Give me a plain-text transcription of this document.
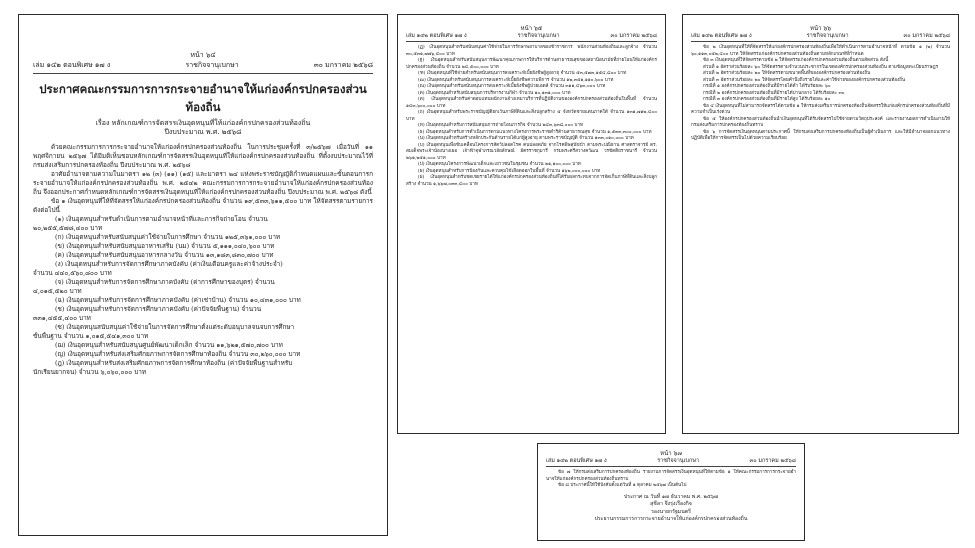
หน้า ๖๔
เล่ม ๑๔๒ ตอนพิเศษ ๑๗ ง	ราชกิจจานุเบกษา	๓๐ มกราคม ๒๕๖๘
ประกาศคณะกรรมการการกระจายอำนาจให้แก่องค์กรปกครองส่วนท้องถิ่น
เรื่อง หลักเกณฑ์การจัดสรรเงินอุดหนุนที่ให้แก่องค์กรปกครองส่วนท้องถิ่น
ปีงบประมาณ พ.ศ. ๒๕๖๘

ด้วยคณะกรรมการการกระจายอำนาจให้แก่องค์กรปกครองส่วนท้องถิ่น ในการประชุมครั้งที่ ๓/๒๕๖๗ เมื่อวันที่ ๑๑ พฤศจิกายน ๒๕๖๗ ได้มีมติเห็นชอบหลักเกณฑ์การจัดสรรเงินอุดหนุนที่ให้แก่องค์กรปกครองส่วนท้องถิ่น ที่ตั้งงบประมาณไว้ที่กรมส่งเสริมการปกครองท้องถิ่น ปีงบประมาณ พ.ศ. ๒๕๖๘

อาศัยอำนาจตามความในมาตรา ๑๒ (๓) (๑๑) (๑๕) และมาตรา ๒๔ แห่งพระราชบัญญัติกำหนดแผนและขั้นตอนการกระจายอำนาจให้แก่องค์กรปกครองส่วนท้องถิ่น พ.ศ. ๒๕๔๒ คณะกรรมการการกระจายอำนาจให้แก่องค์กรปกครองส่วนท้องถิ่น จึงออกประกาศกำหนดหลักเกณฑ์การจัดสรรเงินอุดหนุนที่ให้แก่องค์กรปกครองส่วนท้องถิ่น ปีงบประมาณ พ.ศ. ๒๕๖๘ ดังนี้

ข้อ ๑ เงินอุดหนุนที่ให้ที่จัดสรรให้แก่องค์กรปกครองส่วนท้องถิ่น จำนวน ๑๙,๕๓๓,๖๑๑,๕๐๐ บาท ให้จัดสรรตามรายการ ดังต่อไปนี้

(๑) เงินอุดหนุนสำหรับดำเนินการตามอำนาจหน้าที่และภารกิจถ่ายโอน จำนวน

๒๐,๒๕๕,๕๗๘,๔๐๐ บาท

(ก) เงินอุดหนุนสำหรับสนับสนุนค่าใช้จ่ายในการศึกษา จำนวน ๑๒๕,๓๖๑,๐๐๐ บาท

(ข) เงินอุดหนุนสำหรับสนับสนุนอาหารเสริม (นม) จำนวน ๕,๑๑๑,๐๔๐,๖๐๐ บาท

(ค) เงินอุดหนุนสำหรับสนับสนุนอาหารกลางวัน จำนวน ๑๓,๑๘๓,๘๓๐,๗๐๐ บาท

(ง) เงินอุดหนุนสำหรับการจัดการศึกษาภาคบังคับ (ค่าเงินเดือนครูและค่าจ้างประจำ)

จำนวน ๔๔๐,๕๖๐,๘๐๐ บาท

(จ) เงินอุดหนุนสำหรับการจัดการศึกษาภาคบังคับ (ค่าการศึกษาของบุตร) จำนวน

๔,๐๑๕,๕๒๐ บาท

(ฉ) เงินอุดหนุนสำหรับการจัดการศึกษาภาคบังคับ (ค่าเช่าบ้าน) จำนวน ๑๐,๔๓๑,๐๐๐ บาท

(ช) เงินอุดหนุนสำหรับการจัดการศึกษาภาคบังคับ (ค่าปัจจัยพื้นฐาน) จำนวน

๓๓๑,๔๕๕,๔๐๐ บาท

(ซ) เงินอุดหนุนสนับสนุนค่าใช้จ่ายในการจัดการศึกษาตั้งแต่ระดับอนุบาลจนจบการศึกษา

ขั้นพื้นฐาน จำนวน ๑,๐๑๕,๕๔๑,๓๐๐ บาท

(ฌ) เงินอุดหนุนสำหรับสนับสนุนศูนย์พัฒนาเด็กเล็ก จำนวน ๑๑,๖๒๑,๕๗๐,๗๐๐ บาท

(ญ) เงินอุดหนุนสำหรับส่งเสริมศักยภาพการจัดการศึกษาท้องถิ่น จำนวน ๓๐,๒๖๐,๐๐๐ บาท

(ฎ) เงินอุดหนุนสำหรับส่งเสริมศักยภาพการจัดการศึกษาท้องถิ่น (ค่าปัจจัยพื้นฐานสำหรับ

นักเรียนยากจน) จำนวน ๖,๐๖๐,๐๐๐ บาท

หน้า ๖๕
เล่ม ๑๔๒ ตอนพิเศษ ๑๗ ง	ราชกิจจานุเบกษา	๓๐ มกราคม ๒๕๖๘

(ฏ) เงินอุดหนุนสำหรับสนับสนุนค่าใช้จ่ายในการรักษาพยาบาลของข้าราชการ พนักงานส่วนท้องถิ่นและลูกจ้าง จำนวน ๓๐,๕๓๑,๗๗๖,๔๐๐ บาท

(ฐ) เงินอุดหนุนสำหรับสนับสนุนการพัฒนาคุณภาพการให้บริการด้านสาธารณสุขของสถานีอนามัยที่ถ่ายโอนให้แก่องค์กรปกครองส่วนท้องถิ่น จำนวน ๒๔,๕๐๐,๐๐๐ บาท

(ฑ) เงินอุดหนุนที่ใช้จ่ายสำหรับสนับสนุนการสงเคราะห์เบี้ยยังชีพผู้สูงอายุ จำนวน ๕๓,๕๗๓,๑๕๔,๘๐๐ บาท

(ฒ) เงินอุดหนุนสำหรับสนับสนุนการสงเคราะห์เบี้ยยังชีพความพิการ จำนวน ๑๒,๓๕๑,๑๑๐,๖๐๐ บาท

(ณ) เงินอุดหนุนสำหรับสนับสนุนการสงเคราะห์เบี้ยยังชีพผู้ป่วยเอดส์ จำนวน ๓๑๑,๔๖๓,๐๐๐ บาท

(ด) เงินอุดหนุนสำหรับสนับสนุนการบริหารงานกีฬา จำนวน ๑๐,๑๓๑,๐๐๐ บาท

(ต) เงินอุดหนุนสำหรับค่าตอบแทนพนักงานจ้างเหมาบริการที่ปฏิบัติงานขององค์กรปกครองส่วนท้องถิ่นในพื้นที่ จำนวน ๑๔๓,๖๐๐,๐๐๐ บาท

(ถ) เงินอุดหนุนสำหรับพระราชบัญญัติยกเว้นภาษีที่ดินและสิ่งปลูกสร้าง ๕ จังหวัดชายแดนภาคใต้ จำนวน ๑๓๑,๗๑๒,๔๐๐ บาท

(ท) เงินอุดหนุนสำหรับการสนับสนุนการถ่ายโอนภารกิจ จำนวน ๒๔๓,๖๓๘,๐๐๐ บาท

(ธ) เงินอุดหนุนสำหรับการดำเนินการตามแนวทางโครงการพระราชดำริด้านสาธารณสุข จำนวน ๑,๕๓๓,๓๐๐,๐๐๐ บาท

(น) เงินอุดหนุนสำหรับสร้างหลักประกันด้านรายได้แก่ผู้สูงอายุ ตามพระราชบัญญัติ จำนวน ๑๓๓,๐๑๐,๐๐๐ บาท

(บ) เงินอุดหนุนเพื่อขับเคลื่อนโครงการสัตว์ปลอดโรค คนปลอดภัย จากโรคพิษสุนัขบ้า ตามพระปณิธาน ศาสตราจารย์ ดร. สมเด็จพระเจ้าน้องนางเธอ เจ้าฟ้าจุฬาภรณวลัยลักษณ์ อัครราชกุมารี กรมพระศรีสวางควัฒน วรขัตติยราชนารี จำนวน ๒๖๑,๒๕๑,๐๐๐ บาท

(ป) เงินอุดหนุนโครงการพัฒนาเด็กและเยาวชนในชุมชน จำนวน ๒๑,๑๐๐,๐๐๐ บาท

(ผ) เงินอุดหนุนสำหรับการป้องกันและควบคุมไข้เลือดออกในพื้นที่ จำนวน ๑๖๒,๐๐๐,๐๐๐ บาท

(ฝ) เงินอุดหนุนสำหรับชดเชยรายได้ให้แก่องค์กรปกครองส่วนท้องถิ่นที่ได้รับผลกระทบจากการจัดเก็บภาษีที่ดินและสิ่งปลูกสร้าง จำนวน ๑,๖๖๗,๐๓๓,๔๐๐ บาท

หน้า ๖๖
เล่ม ๑๔๒ ตอนพิเศษ ๑๗ ง	ราชกิจจานุเบกษา	๓๐ มกราคม ๒๕๖๘

ข้อ ๒ เงินอุดหนุนที่ให้ที่จัดสรรให้แก่องค์กรปกครองส่วนท้องถิ่นเพื่อให้ดำเนินการตามอำนาจหน้าที่ ตามข้อ ๑ (๒) จำนวน ๖๐,๑๑๓,๐๕๒,๔๐๐ บาท ให้จัดสรรแก่องค์กรปกครองส่วนท้องถิ่นตามหลักเกณฑ์ที่กำหนด

ข้อ ๓ เงินอุดหนุนที่ให้จัดสรรตามข้อ ๒ ให้จัดสรรแก่องค์กรปกครองส่วนท้องถิ่นตามสัดส่วน ดังนี้

ส่วนที่ ๑ อัตราส่วนร้อยละ ๖๐ ให้จัดสรรตามจำนวนประชากรในเขตองค์กรปกครองส่วนท้องถิ่น ตามข้อมูลทะเบียนราษฎร

ส่วนที่ ๒ อัตราส่วนร้อยละ ๒๐ ให้จัดสรรตามขนาดพื้นที่ขององค์กรปกครองส่วนท้องถิ่น

ส่วนที่ ๓ อัตราส่วนร้อยละ ๒๐ ให้จัดสรรโดยคำนึงถึงรายได้และค่าใช้จ่ายขององค์กรปกครองส่วนท้องถิ่น

กรณีที่ ๑ องค์กรปกครองส่วนท้องถิ่นที่มีรายได้ต่ำ ได้รับร้อยละ ๖๐

กรณีที่ ๒ องค์กรปกครองส่วนท้องถิ่นที่มีรายได้ปานกลาง ได้รับร้อยละ ๓๐

กรณีที่ ๓ องค์กรปกครองส่วนท้องถิ่นที่มีรายได้สูง ได้รับร้อยละ ๑๐

ข้อ ๔ เงินอุดหนุนที่ไม่สามารถจัดสรรได้ตามข้อ ๑ ให้กรมส่งเสริมการปกครองท้องถิ่นจัดสรรให้แก่องค์กรปกครองส่วนท้องถิ่นที่มีความจำเป็นเร่งด่วน

ข้อ ๕ ให้องค์กรปกครองส่วนท้องถิ่นนำเงินอุดหนุนที่ได้รับจัดสรรไปใช้จ่ายตามวัตถุประสงค์ และรายงานผลการดำเนินงานให้กรมส่งเสริมการปกครองท้องถิ่นทราบ

ข้อ ๖ การจัดสรรเงินอุดหนุนตามประกาศนี้ ให้กรมส่งเสริมการปกครองท้องถิ่นเป็นผู้ดำเนินการ และให้มีอำนาจออกแนวทางปฏิบัติเพื่อให้การจัดสรรเป็นไปด้วยความเรียบร้อย

หน้า ๖๗
เล่ม ๑๔๒ ตอนพิเศษ ๑๗ ง	ราชกิจจานุเบกษา	๓๐ มกราคม ๒๕๖๘

ข้อ ๗ ให้กรมส่งเสริมการปกครองท้องถิ่น รายงานการจัดสรรเงินอุดหนุนที่ให้ตามข้อ ๑ ให้คณะกรรมการการกระจายอำนาจให้แก่องค์กรปกครองส่วนท้องถิ่นทราบ

ข้อ ๘ ประกาศนี้ให้ใช้บังคับตั้งแต่วันที่ ๑ ตุลาคม ๒๕๖๗ เป็นต้นไป

ประกาศ ณ วันที่ ๑๗ ธันวาคม พ.ศ. ๒๕๖๗
สุชีลา จึงรุ่งเรืองกิจ
รองนายกรัฐมนตรี
ประธานกรรมการการกระจายอำนาจให้แก่องค์กรปกครองส่วนท้องถิ่น
